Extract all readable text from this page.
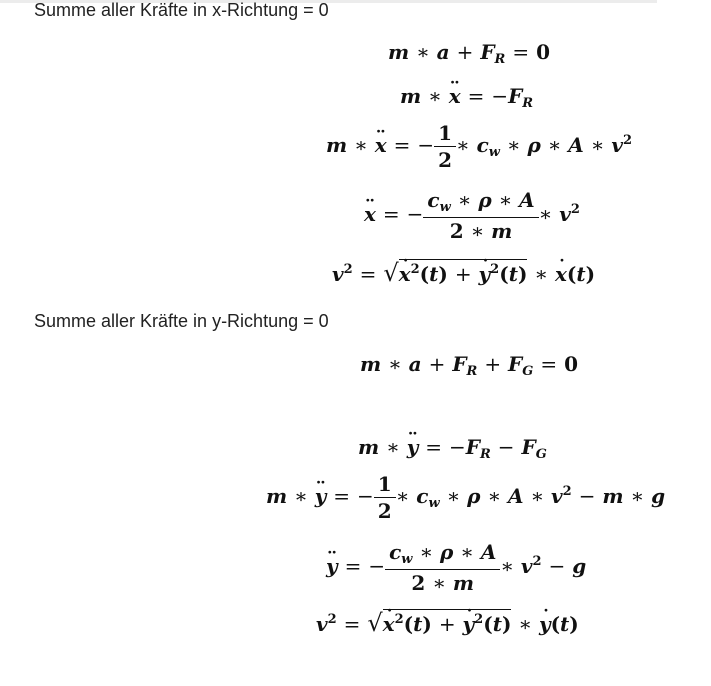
Summe aller Kräfte in x-Richtung = 0
m ∗ $a + F_R = 0$
m ∗ ¨ $x = -F_R$
m ∗ ¨ x = − $\frac{1}{2}$ ∗ $c_w$ ∗ ρ ∗ A ∗ $v^2$
¨ x = − $\frac{c_w ∗ \rho ∗ A}{2 ∗ m}$ ∗ $v^2$
$v^2$ = √˙ $x^2(t)$ + ˙ $y^2(t)$ ∗ ˙ x(t)
Summe aller Kräfte in y-Richtung = 0
m ∗ $a + F_R + F_G = 0$
m ∗ ¨ $y = -F_R - F_G$
m ∗ ¨ y = − $\frac{1}{2}$ ∗ $c_w$ ∗ ρ ∗ A ∗ $v^2 - m$ ∗ g
¨ y = − $\frac{c_w ∗ \rho ∗ A}{2 ∗ m}$ ∗ $v^2 - g$
$v^2$ = √˙ $x^2(t)$ + ˙ $y^2(t)$ ∗ ˙ y(t)
